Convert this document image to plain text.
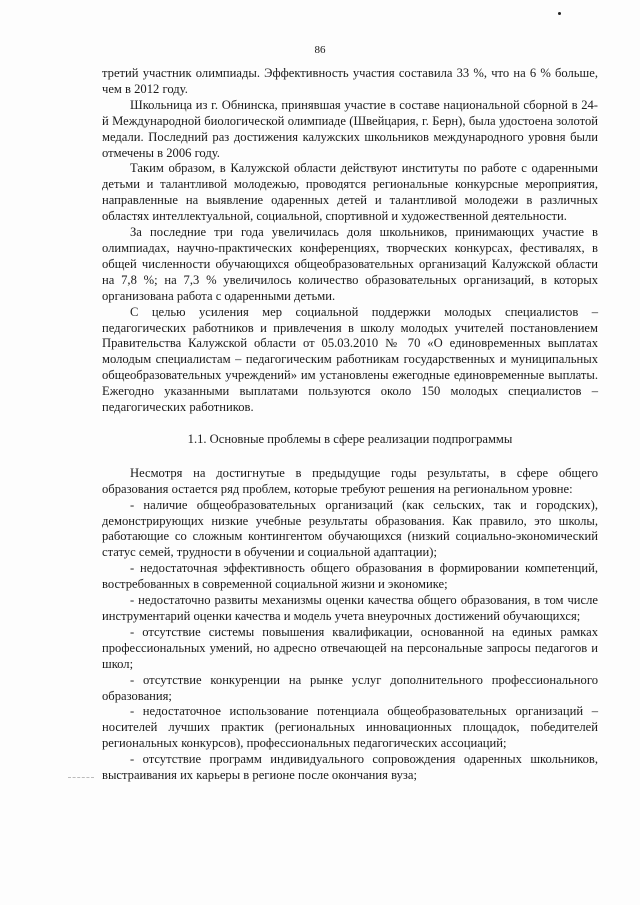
86

третий участник олимпиады. Эффективность участия составила 33 %, что на 6 % больше, чем в 2012 году.

Школьница из г. Обнинска, принявшая участие в составе национальной сборной в 24-й Международной биологической олимпиаде (Швейцария, г. Берн), была удостоена золотой медали. Последний раз достижения калужских школьников международного уровня были отмечены в 2006 году.

Таким образом, в Калужской области действуют институты по работе с одаренными детьми и талантливой молодежью, проводятся региональные конкурсные мероприятия, направленные на выявление одаренных детей и талантливой молодежи в различных областях интеллектуальной, социальной, спортивной и художественной деятельности.

За последние три года увеличилась доля школьников, принимающих участие в олимпиадах, научно-практических конференциях, творческих конкурсах, фестивалях, в общей численности обучающихся общеобразовательных организаций Калужской области на 7,8 %; на 7,3 % увеличилось количество образовательных организаций, в которых организована работа с одаренными детьми.

С целью усиления мер социальной поддержки молодых специалистов – педагогических работников и привлечения в школу молодых учителей постановлением Правительства Калужской области от 05.03.2010 № 70 «О единовременных выплатах молодым специалистам – педагогическим работникам государственных и муниципальных общеобразовательных учреждений» им установлены ежегодные единовременные выплаты. Ежегодно указанными выплатами пользуются около 150 молодых специалистов – педагогических работников.

1.1. Основные проблемы в сфере реализации подпрограммы

Несмотря на достигнутые в предыдущие годы результаты, в сфере общего образования остается ряд проблем, которые требуют решения на региональном уровне:

- наличие общеобразовательных организаций (как сельских, так и городских), демонстрирующих низкие учебные результаты образования. Как правило, это школы, работающие со сложным контингентом обучающихся (низкий социально-экономический статус семей, трудности в обучении и социальной адаптации);

- недостаточная эффективность общего образования в формировании компетенций, востребованных в современной социальной жизни и экономике;

- недостаточно развиты механизмы оценки качества общего образования, в том числе инструментарий оценки качества и модель учета внеурочных достижений обучающихся;

- отсутствие системы повышения квалификации, основанной на единых рамках профессиональных умений, но адресно отвечающей на персональные запросы педагогов и школ;

- отсутствие конкуренции на рынке услуг дополнительного профессионального образования;

- недостаточное использование потенциала общеобразовательных организаций – носителей лучших практик (региональных инновационных площадок, победителей региональных конкурсов), профессиональных педагогических ассоциаций;

- отсутствие программ индивидуального сопровождения одаренных школьников, выстраивания их карьеры в регионе после окончания вуза;
